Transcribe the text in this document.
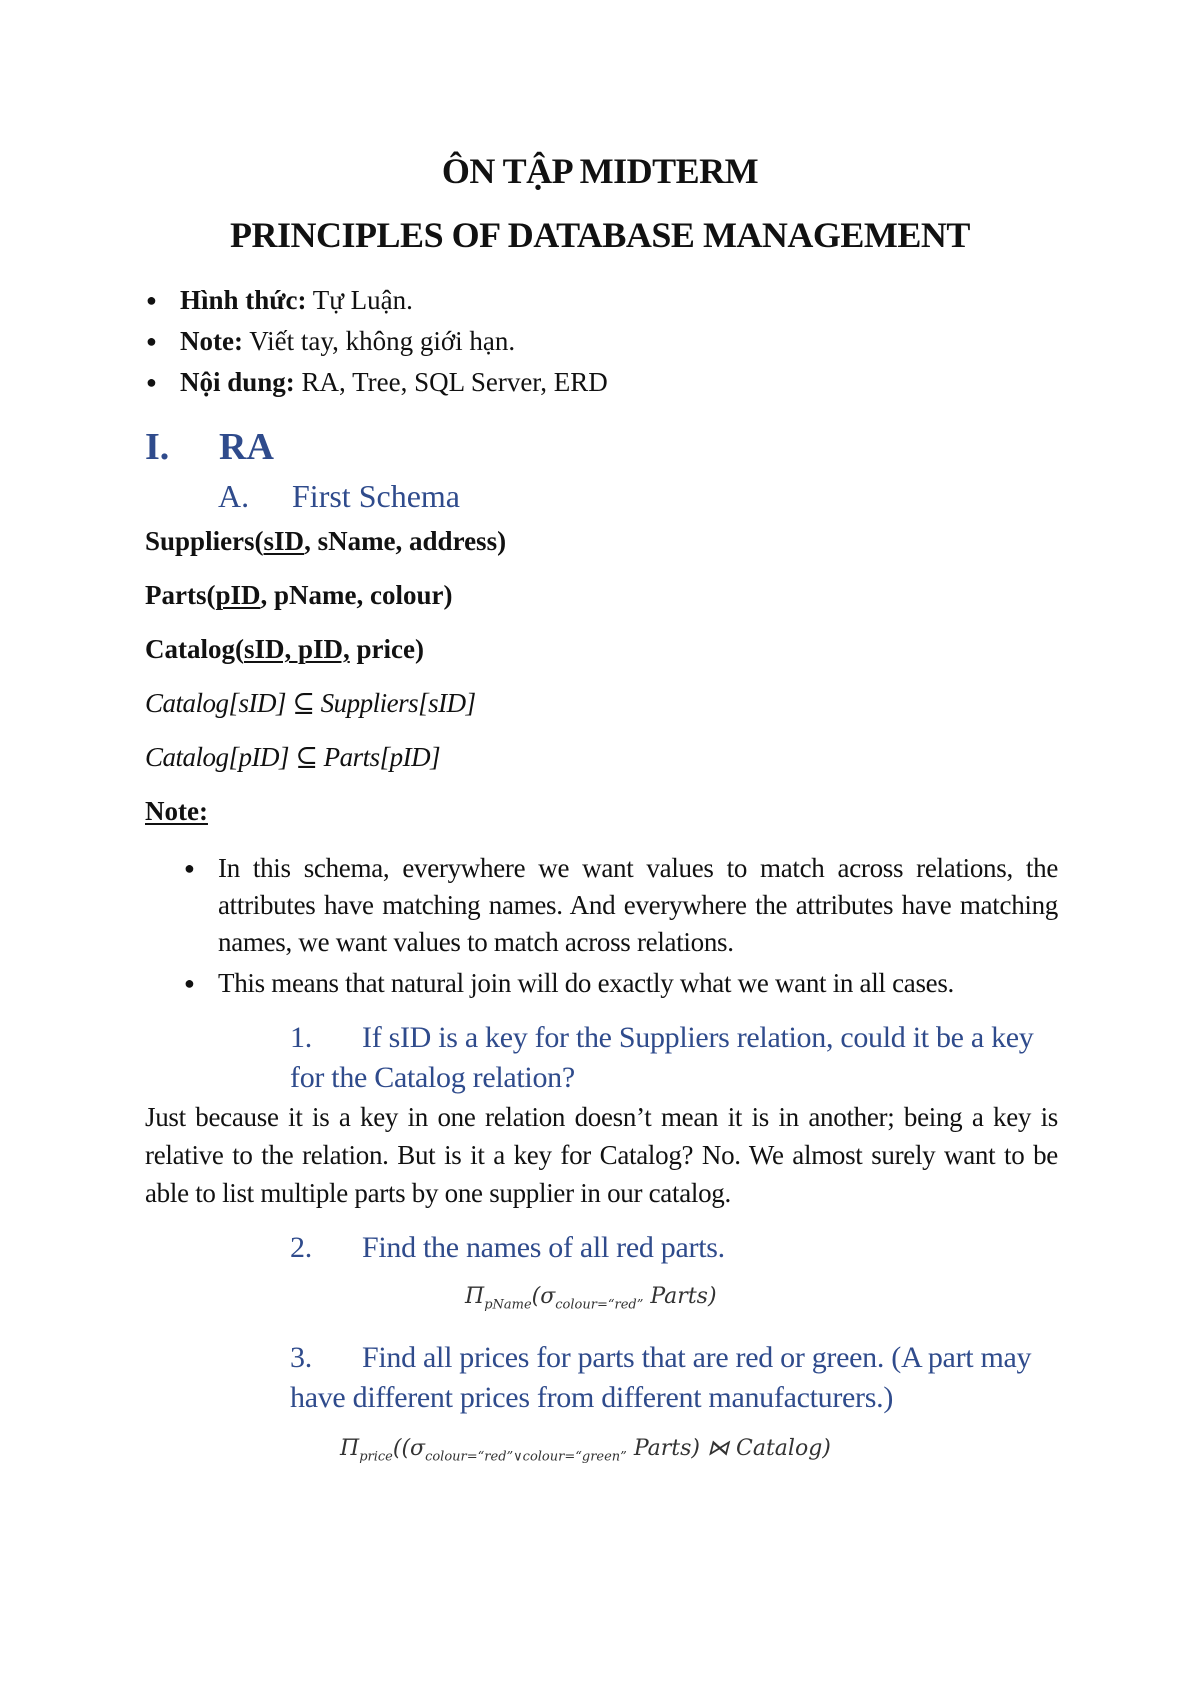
ÔN TẬP MIDTERM
PRINCIPLES OF DATABASE MANAGEMENT
● Hình thức: Tự Luận.
● Note: Viết tay, không giới hạn.
● Nội dung: RA, Tree, SQL Server, ERD
I. RA
A. First Schema
Suppliers(sID, sName, address)
Parts(pID, pName, colour)
Catalog(sID, pID, price)
Catalog[sID] ⊆ Suppliers[sID]
Catalog[pID] ⊆ Parts[pID]
Note:
● In this schema, everywhere we want values to match across relations, the attributes have matching names. And everywhere the attributes have matching names, we want values to match across relations.
● This means that natural join will do exactly what we want in all cases.
1.	If sID is a key for the Suppliers relation, could it be a key for the Catalog relation?
Just because it is a key in one relation doesn’t mean it is in another; being a key is relative to the relation. But is it a key for Catalog? No. We almost surely want to be able to list multiple parts by one supplier in our catalog.
2.	Find the names of all red parts.
$\Pi_{pName}(\sigma_{colour=“red”}$ Parts)
3.	Find all prices for parts that are red or green. (A part may have different prices from different manufacturers.)
$\Pi_{price}((\sigma_{colour=“red”\vee colour=“green”}$ Parts) ⋈ Catalog)
